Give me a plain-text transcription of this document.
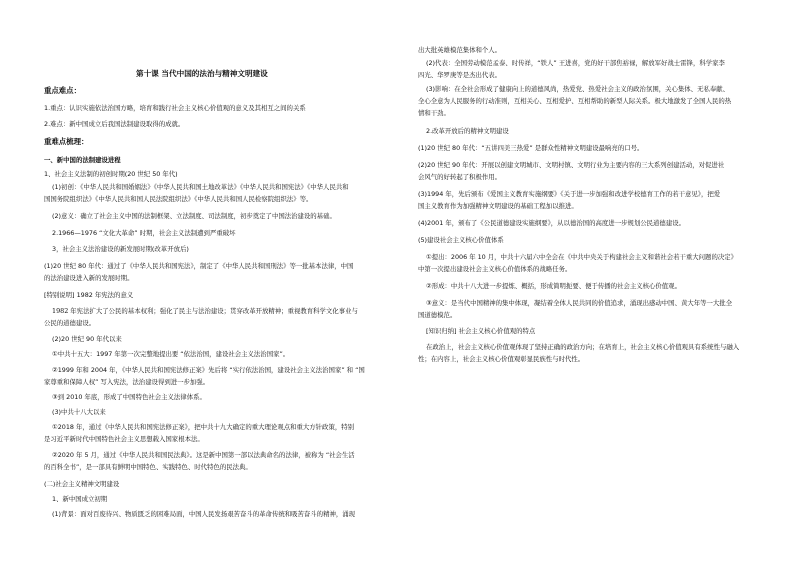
第十课 当代中国的法治与精神文明建设
重点难点：
1.重点：认识实施依法治国方略，培育和践行社会主义核心价值观的意义及其相互之间的关系
2.难点：新中国成立后我国法制建设取得的成就。
重难点梳理：
一、新中国的法制建设进程
1、社会主义法制的初创时期(20 世纪 50 年代)
(1)初创：《中华人民共和国婚姻法》《中华人民共和国土地改革法》《中华人民共和国宪法》《中华人民共和
国国务院组织法》《中华人民共和国人民法院组织法》《中华人民共和国人民检察院组织法》等。
(2)意义：确立了社会主义中国的法制框架、立法制度、司法制度，初步奠定了中国法治建设的基础。
2.1966—1976 “文化大革命” 时期，社会主义法制遭到严重破坏
3，社会主义法治建设的新发展时期(改革开放后)
(1)20 世纪 80 年代：通过了《中华人民共和国宪法》，制定了《中华人民共和国刑法》等一批基本法律，中国
的法治建设进入新的发展时期。
[特别说明] 1982 年宪法的意义
1982 年宪法扩大了公民的基本权利；强化了民主与法治建设；贯穿改革开放精神；重视教育科学文化事业与
公民的道德建设。
(2)20 世纪 90 年代以来
①中共十五大：1997 年第一次完整地提出要 “依法治国，建设社会主义法治国家”。
②1999 年和 2004 年，《中华人民共和国宪法修正案》先后将 “实行依法治国，建设社会主义法治国家” 和 “国
家尊重和保障人权” 写入宪法，法治建设得到进一步加强。
③到 2010 年底，形成了中国特色社会主义法律体系。
(3)中共十八大以来
①2018 年，通过《中华人民共和国宪法修正案》，把中共十九大确定的重大理论观点和重大方针政策，特别
是习近平新时代中国特色社会主义思想载入国家根本法。
②2020 年 5 月，通过《中华人民共和国民法典》。这是新中国第一部以法典命名的法律，被称为 “社会生活
的百科全书”，是一部具有鲜明中国特色、实践特色、时代特色的民法典。
(二)社会主义精神文明建设
1、新中国成立初期
(1)背景：面对百废待兴、物质匮乏的困难局面，中国人民发扬艰苦奋斗的革命传统和吸苦奋斗的精神，涌现
出大批英雄模范集体和个人。
(2)代表：全国劳动模范孟泰、时传祥，“铁人” 王进喜，党的好干部焦裕禄，解放军好战士雷锋，科学家李
四光、华罗庚等是杰出代表。
(3)影响：在全社会形成了健康向上的道德风尚，热爱党、热爱社会主义的政治氛围，关心集体、无私奉献、
全心全意为人民服务的行动准则，互相关心、互相爱护、互相帮助的新型人际关系。极大地激发了全国人民的热
情和干劲。
2.改革开放后的精神文明建设
(1)20 世纪 80 年代：“五讲四美三热爱” 是群众性精神文明建设最响亮的口号。
(2)20 世纪 90 年代：开展以创建文明城市、文明村镇、文明行业为主要内容的三大系列创建活动，对促进社
会风气的好转起了积极作用。
(3)1994 年，先后颁布《爱国主义教育实施纲要》《关于进一步加强和改进学校德育工作的若干意见》，把爱
国主义教育作为加强精神文明建设的基础工程加以推进。
(4)2001 年，颁布了《公民道德建设实施纲要》，从以德治国的高度进一步规划公民道德建设。
(5)建设社会主义核心价值体系
①提出：2006 年 10 月，中共十六届六中全会在《中共中央关于构建社会主义和谐社会若干重大问题的决定》
中第一次提出建设社会主义核心价值体系的战略任务。
②形成：中共十八大进一步提炼、概括，形成简明扼要、便于传播的社会主义核心价值观。
③意义：是当代中国精神的集中体现，凝结着全体人民共同的价值追求，涌现出感动中国、黄大年等一大批全
国道德模范。
[知识归纳] 社会主义核心价值观的特点
在政治上，社会主义核心价值观体现了坚持正确的政治方向；在培育上，社会主义核心价值观具有系统性与融入
性；在内容上，社会主义核心价值观彰显民族性与时代性。
